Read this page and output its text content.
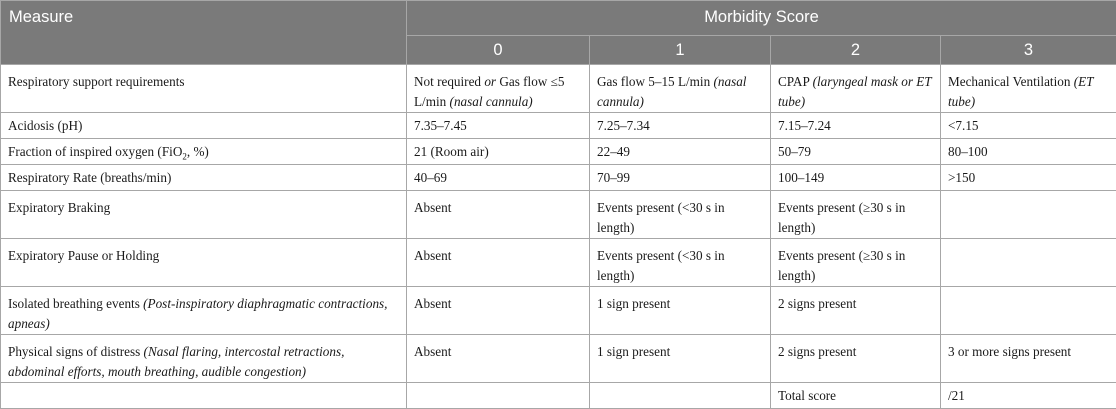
Measure	Morbidity Score			
	0	1	2	3
Respiratory support requirements	Not required or Gas flow ≤5 L/min (nasal cannula)	Gas flow 5–15 L/min (nasal cannula)	CPAP (laryngeal mask or ET tube)	Mechanical Ventilation (ET tube)
Acidosis (pH)	7.35–7.45	7.25–7.34	7.15–7.24	<7.15
Fraction of inspired oxygen (FiO$_2$, %)	21 (Room air)	22–49	50–79	80–100
Respiratory Rate (breaths/min)	40–69	70–99	100–149	>150
Expiratory Braking	Absent	Events present (<30 s in length)	Events present (≥30 s in length)	
Expiratory Pause or Holding	Absent	Events present (<30 s in length)	Events present (≥30 s in length)	
Isolated breathing events (Post-inspiratory diaphragmatic contractions, apneas)	Absent	1 sign present	2 signs present	
Physical signs of distress (Nasal flaring, intercostal retractions, abdominal efforts, mouth breathing, audible congestion)	Absent	1 sign present	2 signs present	3 or more signs present
			Total score	/21
